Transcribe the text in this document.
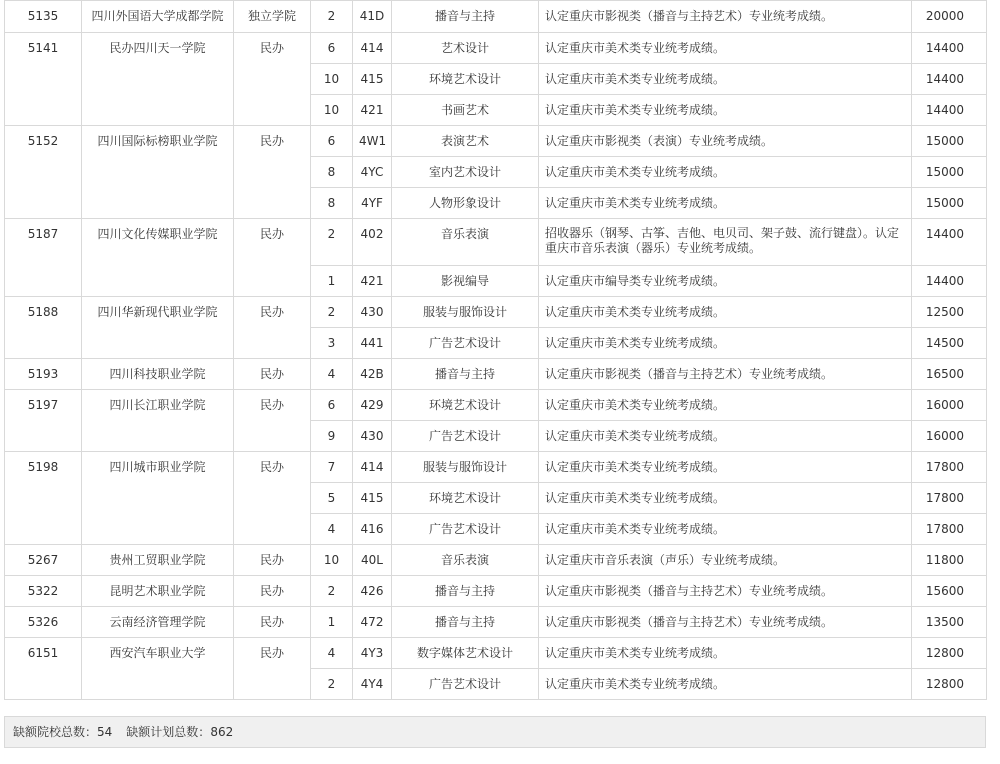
5135	四川外国语大学成都学院	独立学院	2	41D	播音与主持	认定重庆市影视类（播音与主持艺术）专业统考成绩。	20000
5141	民办四川天一学院	民办	6	414	艺术设计	认定重庆市美术类专业统考成绩。	14400
			10	415	环境艺术设计	认定重庆市美术类专业统考成绩。	14400
			10	421	书画艺术	认定重庆市美术类专业统考成绩。	14400
5152	四川国际标榜职业学院	民办	6	4W1	表演艺术	认定重庆市影视类（表演）专业统考成绩。	15000
			8	4YC	室内艺术设计	认定重庆市美术类专业统考成绩。	15000
			8	4YF	人物形象设计	认定重庆市美术类专业统考成绩。	15000
5187	四川文化传媒职业学院	民办	2	402	音乐表演	招收器乐（钢琴、古筝、吉他、电贝司、架子鼓、流行键盘）。认定重庆市音乐表演（器乐）专业统考成绩。	14400
			1	421	影视编导	认定重庆市编导类专业统考成绩。	14400
5188	四川华新现代职业学院	民办	2	430	服装与服饰设计	认定重庆市美术类专业统考成绩。	12500
			3	441	广告艺术设计	认定重庆市美术类专业统考成绩。	14500
5193	四川科技职业学院	民办	4	42B	播音与主持	认定重庆市影视类（播音与主持艺术）专业统考成绩。	16500
5197	四川长江职业学院	民办	6	429	环境艺术设计	认定重庆市美术类专业统考成绩。	16000
			9	430	广告艺术设计	认定重庆市美术类专业统考成绩。	16000
5198	四川城市职业学院	民办	7	414	服装与服饰设计	认定重庆市美术类专业统考成绩。	17800
			5	415	环境艺术设计	认定重庆市美术类专业统考成绩。	17800
			4	416	广告艺术设计	认定重庆市美术类专业统考成绩。	17800
5267	贵州工贸职业学院	民办	10	40L	音乐表演	认定重庆市音乐表演（声乐）专业统考成绩。	11800
5322	昆明艺术职业学院	民办	2	426	播音与主持	认定重庆市影视类（播音与主持艺术）专业统考成绩。	15600
5326	云南经济管理学院	民办	1	472	播音与主持	认定重庆市影视类（播音与主持艺术）专业统考成绩。	13500
6151	西安汽车职业大学	民办	4	4Y3	数字媒体艺术设计	认定重庆市美术类专业统考成绩。	12800
			2	4Y4	广告艺术设计	认定重庆市美术类专业统考成绩。	12800
缺额院校总数：54 缺额计划总数：862
